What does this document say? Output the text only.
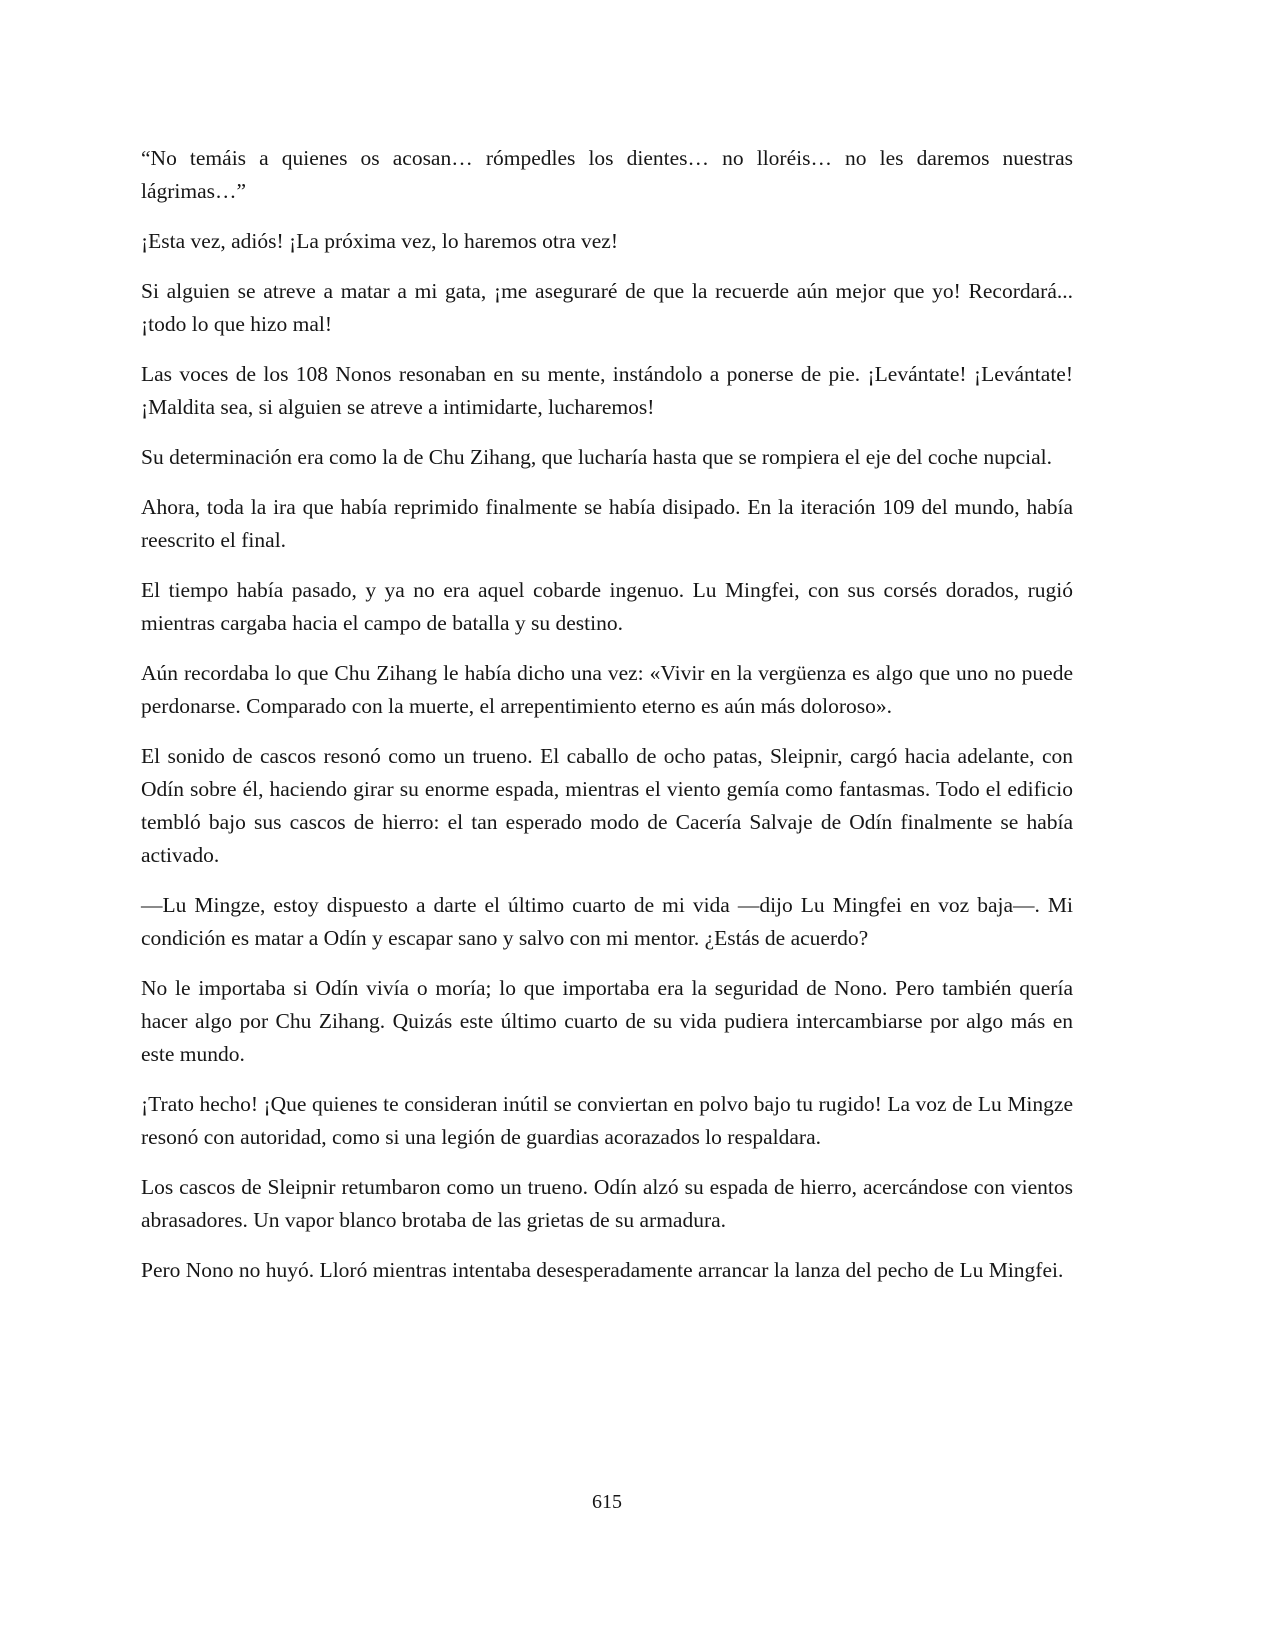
“No temáis a quienes os acosan… rómpedles los dientes… no lloréis… no les daremos nuestras lágrimas…”

¡Esta vez, adiós! ¡La próxima vez, lo haremos otra vez!

Si alguien se atreve a matar a mi gata, ¡me aseguraré de que la recuerde aún mejor que yo! Recordará... ¡todo lo que hizo mal!

Las voces de los 108 Nonos resonaban en su mente, instándolo a ponerse de pie. ¡Levántate! ¡Levántate! ¡Maldita sea, si alguien se atreve a intimidarte, lucharemos!

Su determinación era como la de Chu Zihang, que lucharía hasta que se rompiera el eje del coche nupcial.

Ahora, toda la ira que había reprimido finalmente se había disipado. En la iteración 109 del mundo, había reescrito el final.

El tiempo había pasado, y ya no era aquel cobarde ingenuo. Lu Mingfei, con sus corsés dorados, rugió mientras cargaba hacia el campo de batalla y su destino.

Aún recordaba lo que Chu Zihang le había dicho una vez: «Vivir en la vergüenza es algo que uno no puede perdonarse. Comparado con la muerte, el arrepentimiento eterno es aún más doloroso».

El sonido de cascos resonó como un trueno. El caballo de ocho patas, Sleipnir, cargó hacia adelante, con Odín sobre él, haciendo girar su enorme espada, mientras el viento gemía como fantasmas. Todo el edificio tembló bajo sus cascos de hierro: el tan esperado modo de Cacería Salvaje de Odín finalmente se había activado.

—Lu Mingze, estoy dispuesto a darte el último cuarto de mi vida —dijo Lu Mingfei en voz baja—. Mi condición es matar a Odín y escapar sano y salvo con mi mentor. ¿Estás de acuerdo?

No le importaba si Odín vivía o moría; lo que importaba era la seguridad de Nono. Pero también quería hacer algo por Chu Zihang. Quizás este último cuarto de su vida pudiera intercambiarse por algo más en este mundo.

¡Trato hecho! ¡Que quienes te consideran inútil se conviertan en polvo bajo tu rugido! La voz de Lu Mingze resonó con autoridad, como si una legión de guardias acorazados lo respaldara.

Los cascos de Sleipnir retumbaron como un trueno. Odín alzó su espada de hierro, acercándose con vientos abrasadores. Un vapor blanco brotaba de las grietas de su armadura.

Pero Nono no huyó. Lloró mientras intentaba desesperadamente arrancar la lanza del pecho de Lu Mingfei.

615
